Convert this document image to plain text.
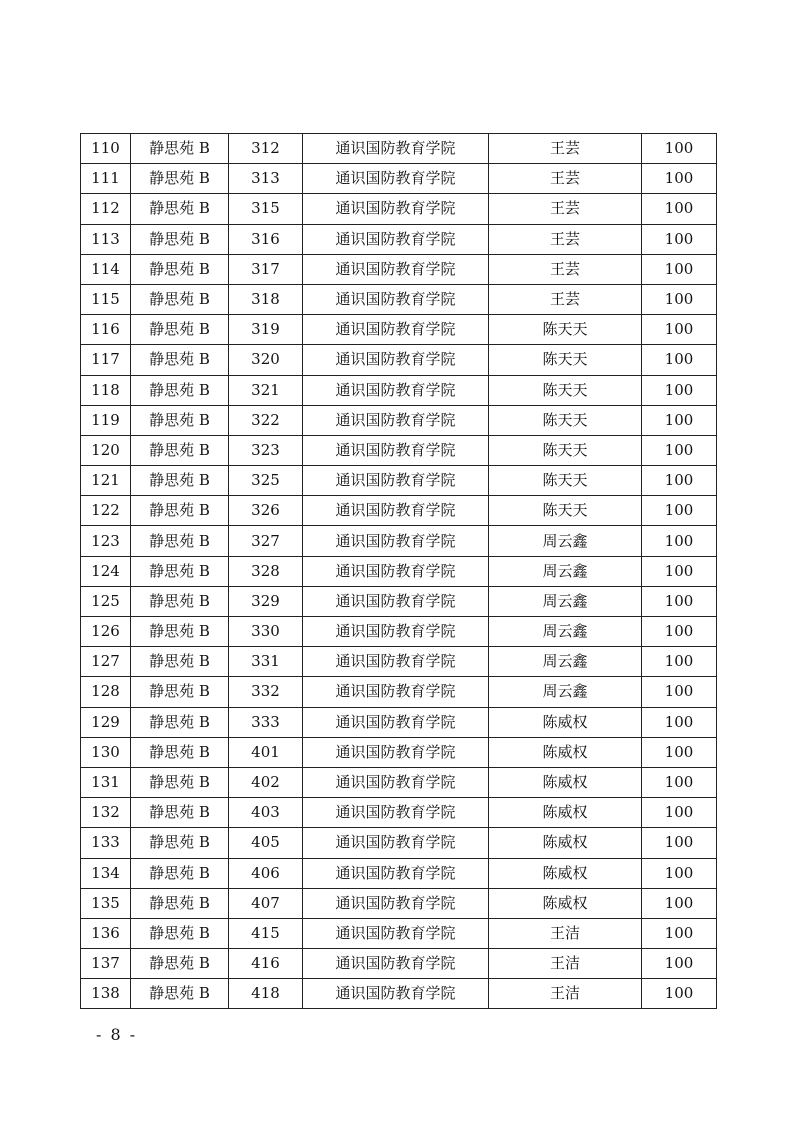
110	静思苑 B	312	通识国防教育学院	王芸	100
111	静思苑 B	313	通识国防教育学院	王芸	100
112	静思苑 B	315	通识国防教育学院	王芸	100
113	静思苑 B	316	通识国防教育学院	王芸	100
114	静思苑 B	317	通识国防教育学院	王芸	100
115	静思苑 B	318	通识国防教育学院	王芸	100
116	静思苑 B	319	通识国防教育学院	陈天天	100
117	静思苑 B	320	通识国防教育学院	陈天天	100
118	静思苑 B	321	通识国防教育学院	陈天天	100
119	静思苑 B	322	通识国防教育学院	陈天天	100
120	静思苑 B	323	通识国防教育学院	陈天天	100
121	静思苑 B	325	通识国防教育学院	陈天天	100
122	静思苑 B	326	通识国防教育学院	陈天天	100
123	静思苑 B	327	通识国防教育学院	周云鑫	100
124	静思苑 B	328	通识国防教育学院	周云鑫	100
125	静思苑 B	329	通识国防教育学院	周云鑫	100
126	静思苑 B	330	通识国防教育学院	周云鑫	100
127	静思苑 B	331	通识国防教育学院	周云鑫	100
128	静思苑 B	332	通识国防教育学院	周云鑫	100
129	静思苑 B	333	通识国防教育学院	陈威权	100
130	静思苑 B	401	通识国防教育学院	陈威权	100
131	静思苑 B	402	通识国防教育学院	陈威权	100
132	静思苑 B	403	通识国防教育学院	陈威权	100
133	静思苑 B	405	通识国防教育学院	陈威权	100
134	静思苑 B	406	通识国防教育学院	陈威权	100
135	静思苑 B	407	通识国防教育学院	陈威权	100
136	静思苑 B	415	通识国防教育学院	王洁	100
137	静思苑 B	416	通识国防教育学院	王洁	100
138	静思苑 B	418	通识国防教育学院	王洁	100
- 8 -
